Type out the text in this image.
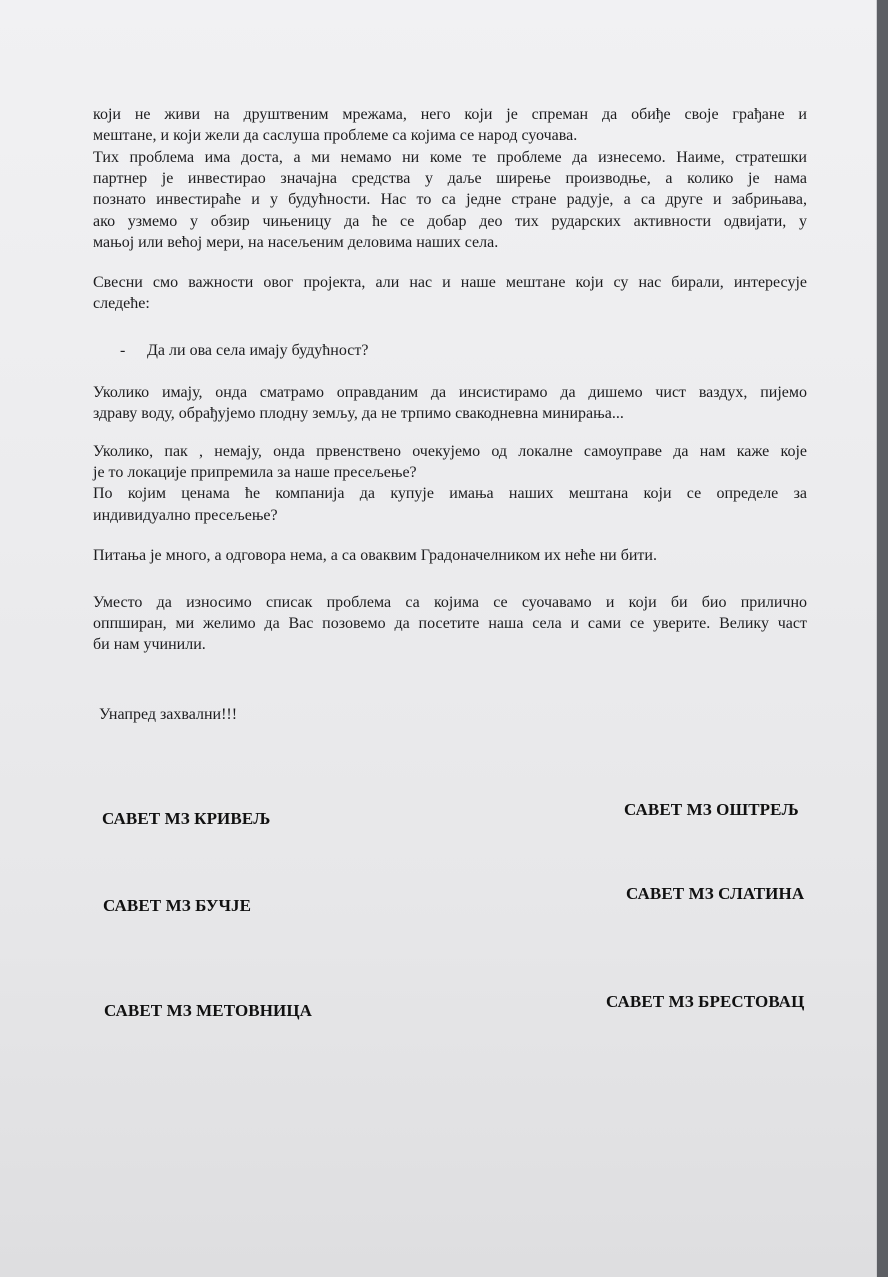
који не живи на друштвеним мрежама, него који је спреман да обиђе своје грађане и
мештане, и који жели да саслуша проблеме са којима се народ суочава.
Тих проблема има доста, а ми немамо ни коме те проблеме да изнесемо. Наиме, стратешки
партнер је инвестирао значајна средства у даље ширење производње, а колико је нама
познато инвестираће и у будућности. Нас то са једне стране радује, а са друге и забрињава,
ако узмемо у обзир чињеницу да ће се добар део тих рударских активности одвијати, у
мањој или већој мери, на насељеним деловима наших села.
Свесни смо важности овог пројекта, али нас и наше мештане који су нас бирали, интересује
следеће:
- Да ли ова села имају будућност?
Уколико имају, онда сматрамо оправданим да инсистирамо да дишемо чист ваздух, пијемо
здраву воду, обрађујемо плодну земљу, да не трпимо свакодневна минирања...
Уколико, пак , немају, онда првенствено очекујемо од локалне самоуправе да нам каже које
је то локације припремила за наше пресељење?
По којим ценама ће компанија да купује имања наших мештана који се определе за
индивидуално пресељење?
Питања је много, а одговора нема, а са оваквим Градоначелником их неће ни бити.
Уместо да износимо списак проблема са којима се суочавамо и који би био прилично
оппширан, ми желимо да Вас позовемо да посетите наша села и сами се уверите. Велику част
би нам учинили.
Унапред захвални!!!
САВЕТ МЗ КРИВЕЉ
САВЕТ МЗ БУЧЈЕ
САВЕТ МЗ МЕТОВНИЦА
САВЕТ МЗ ОШТРЕЉ
САВЕТ МЗ СЛАТИНА
САВЕТ МЗ БРЕСТОВАЦ
